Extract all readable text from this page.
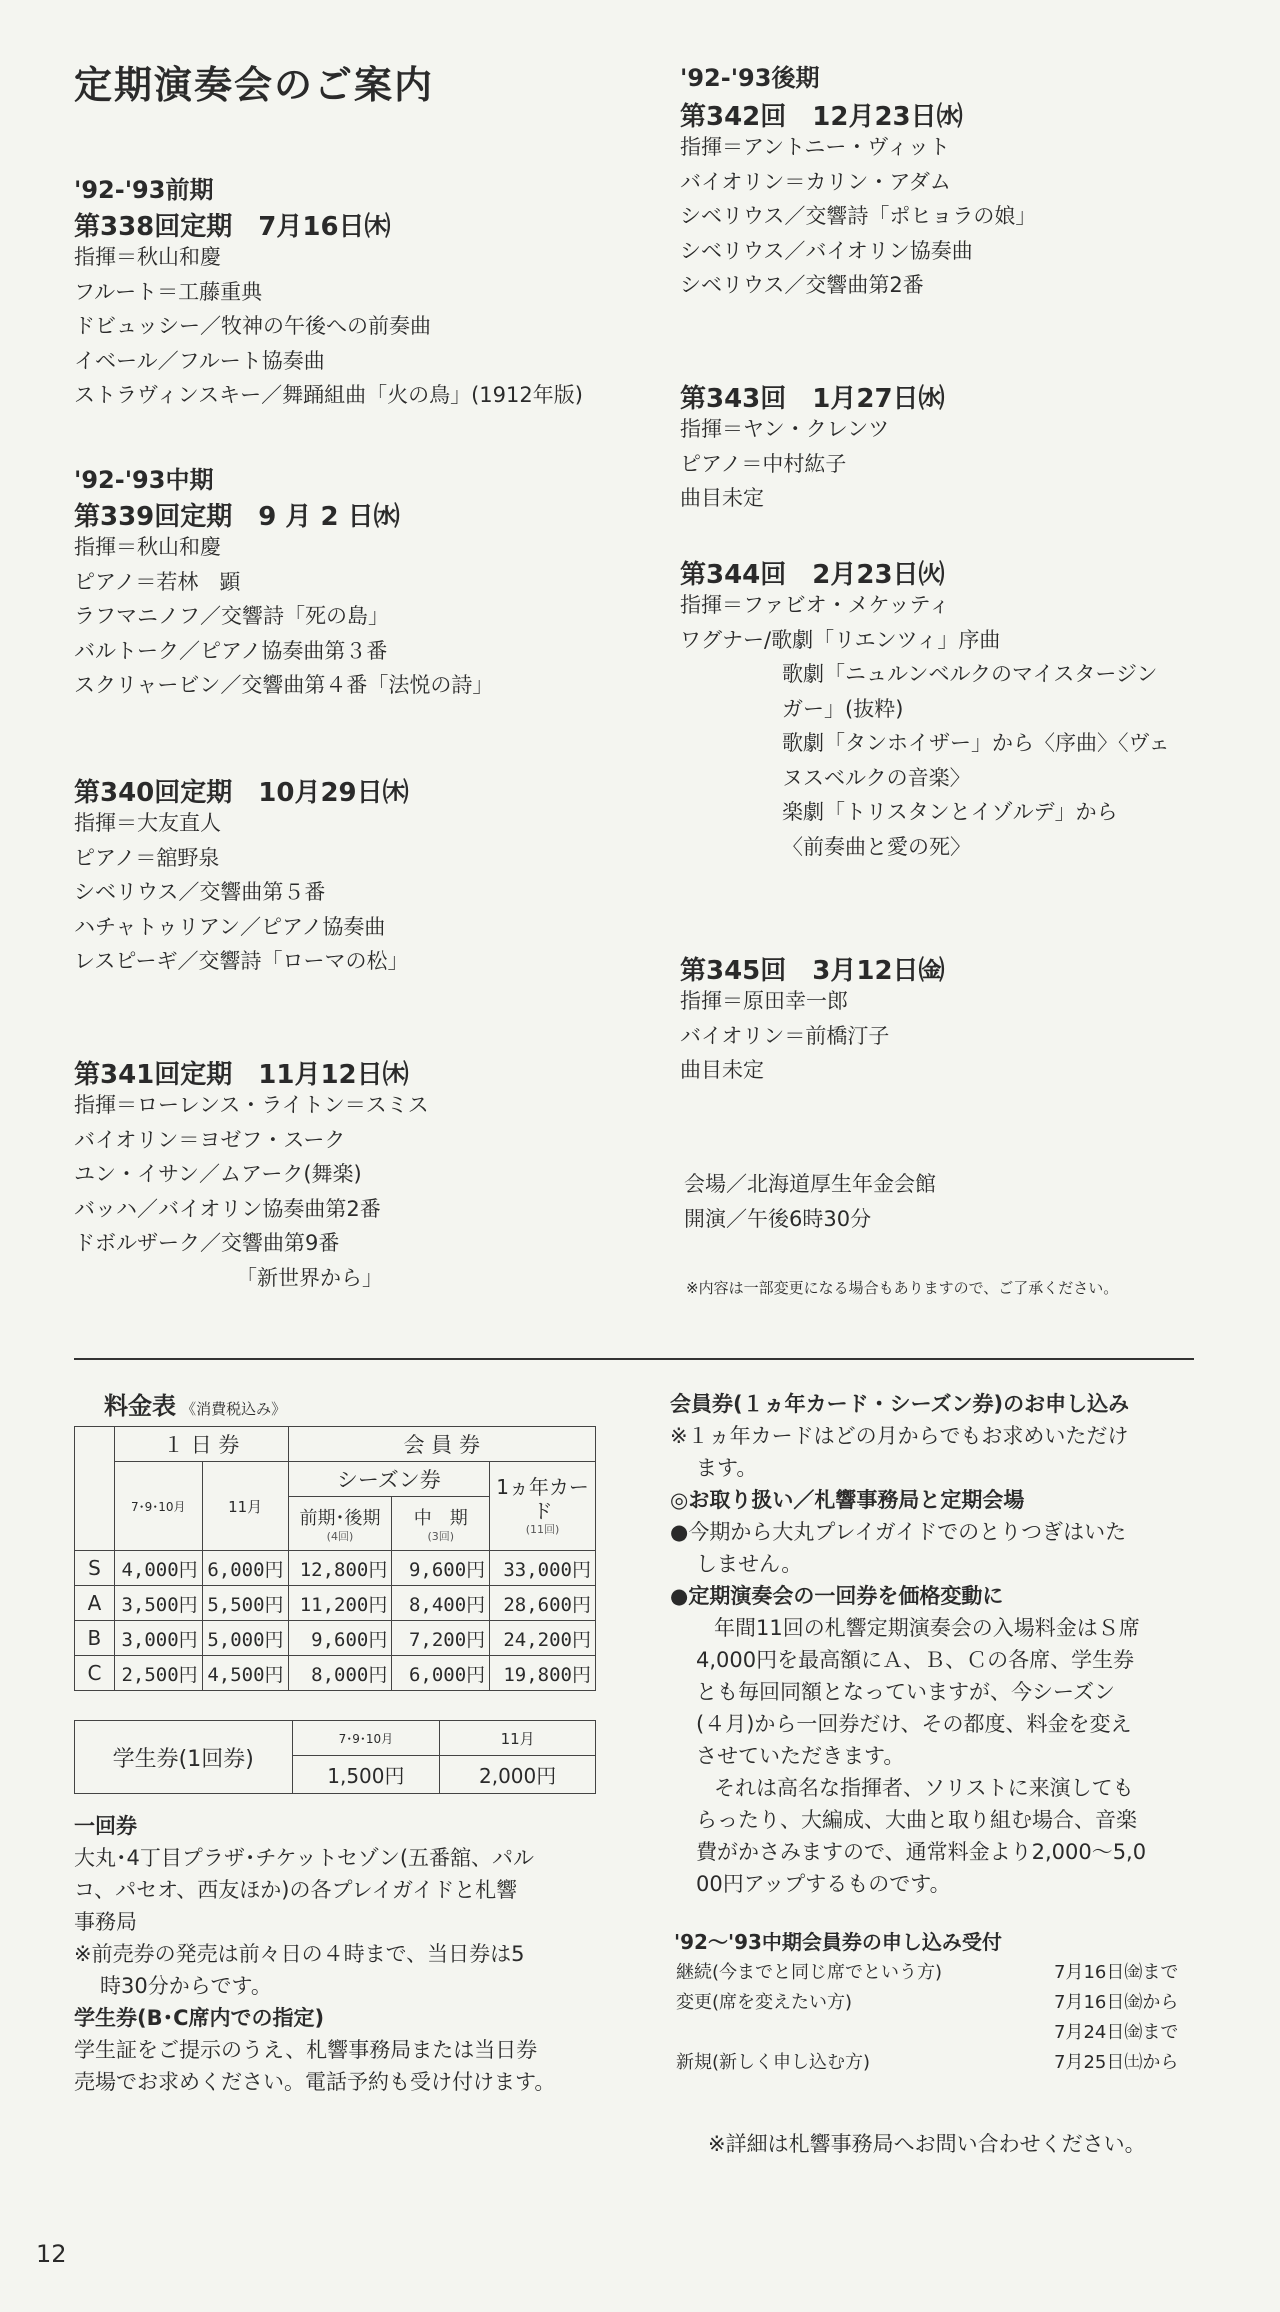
定期演奏会のご案内
'92-'93前期
第338回定期　7月16日㈭
指揮＝秋山和慶
フルート＝工藤重典
ドビュッシー／牧神の午後への前奏曲
イベール／フルート協奏曲
ストラヴィンスキー／舞踊組曲「火の鳥」(1912年版)
'92-'93中期
第339回定期　9 月 2 日㈬
指揮＝秋山和慶
ピアノ＝若林　顕
ラフマニノフ／交響詩「死の島」
バルトーク／ピアノ協奏曲第３番
スクリャービン／交響曲第４番「法悦の詩」
第340回定期　10月29日㈭
指揮＝大友直人
ピアノ＝舘野泉
シベリウス／交響曲第５番
ハチャトゥリアン／ピアノ協奏曲
レスピーギ／交響詩「ローマの松」
第341回定期　11月12日㈭
指揮＝ローレンス・ライトン＝スミス
バイオリン＝ヨゼフ・スーク
ユン・イサン／ムアーク(舞楽)
バッハ／バイオリン協奏曲第2番
ドボルザーク／交響曲第9番
「新世界から」
'92-'93後期
第342回　12月23日㈬
指揮＝アントニー・ヴィット
バイオリン＝カリン・アダム
シベリウス／交響詩「ポヒョラの娘」
シベリウス／バイオリン協奏曲
シベリウス／交響曲第2番
第343回　1月27日㈬
指揮＝ヤン・クレンツ
ピアノ＝中村紘子
曲目未定
第344回　2月23日㈫
指揮＝ファビオ・メケッティ
ワグナー/歌劇「リエンツィ」序曲
歌劇「ニュルンベルクのマイスタージン
ガー」(抜粋)
歌劇「タンホイザー」から〈序曲〉〈ヴェ
ヌスベルクの音楽〉
楽劇「トリスタンとイゾルデ」から
〈前奏曲と愛の死〉
第345回　3月12日㈮
指揮＝原田幸一郎
バイオリン＝前橋汀子
曲目未定
会場／北海道厚生年金会館
開演／午後6時30分
※内容は一部変更になる場合もありますので、ご了承ください。
料金表 《消費税込み》
	１ 日 券		会 員 券		
	7･9･10月	11月	シーズン券		1ヵ年カード
(11回)

			前期･後期
(4回)	中　期
(3回)	

S	4,000円	6,000円	12,800円	9,600円	33,000円
A	3,500円	5,500円	11,200円	8,400円	28,600円
B	3,000円	5,000円	9,600円	7,200円	24,200円
C	2,500円	4,500円	8,000円	6,000円	19,800円
学生券(1回券)	7･9･10月	11月
	1,500円	2,000円
一回券
大丸･4丁目プラザ･チケットセゾン(五番舘、パル
コ、パセオ、西友ほか)の各プレイガイドと札響
事務局
※前売券の発売は前々日の４時まで、当日券は5
時30分からです。
学生券(B･C席内での指定)
学生証をご提示のうえ、札響事務局または当日券
売場でお求めください。電話予約も受け付けます。
会員券(１ヵ年カード・シーズン券)のお申し込み
※１ヵ年カードはどの月からでもお求めいただけ
ます。
◎お取り扱い／札響事務局と定期会場
●今期から大丸プレイガイドでのとりつぎはいた
しません。
●定期演奏会の一回券を価格変動に
年間11回の札響定期演奏会の入場料金はＳ席
4,000円を最高額にＡ、Ｂ、Ｃの各席、学生券
とも毎回同額となっていますが、今シーズン
(４月)から一回券だけ、その都度、料金を変え
させていただきます。
それは高名な指揮者、ソリストに来演しても
らったり、大編成、大曲と取り組む場合、音楽
費がかさみますので、通常料金より2,000～5,0
00円アップするものです。
'92～'93中期会員券の申し込み受付
継続(今までと同じ席でという方)	7月16日㈮まで
変更(席を変えたい方)	7月16日㈮から
7月24日㈮まで
新規(新しく申し込む方)	7月25日㈯から
※詳細は札響事務局へお問い合わせください。
12
